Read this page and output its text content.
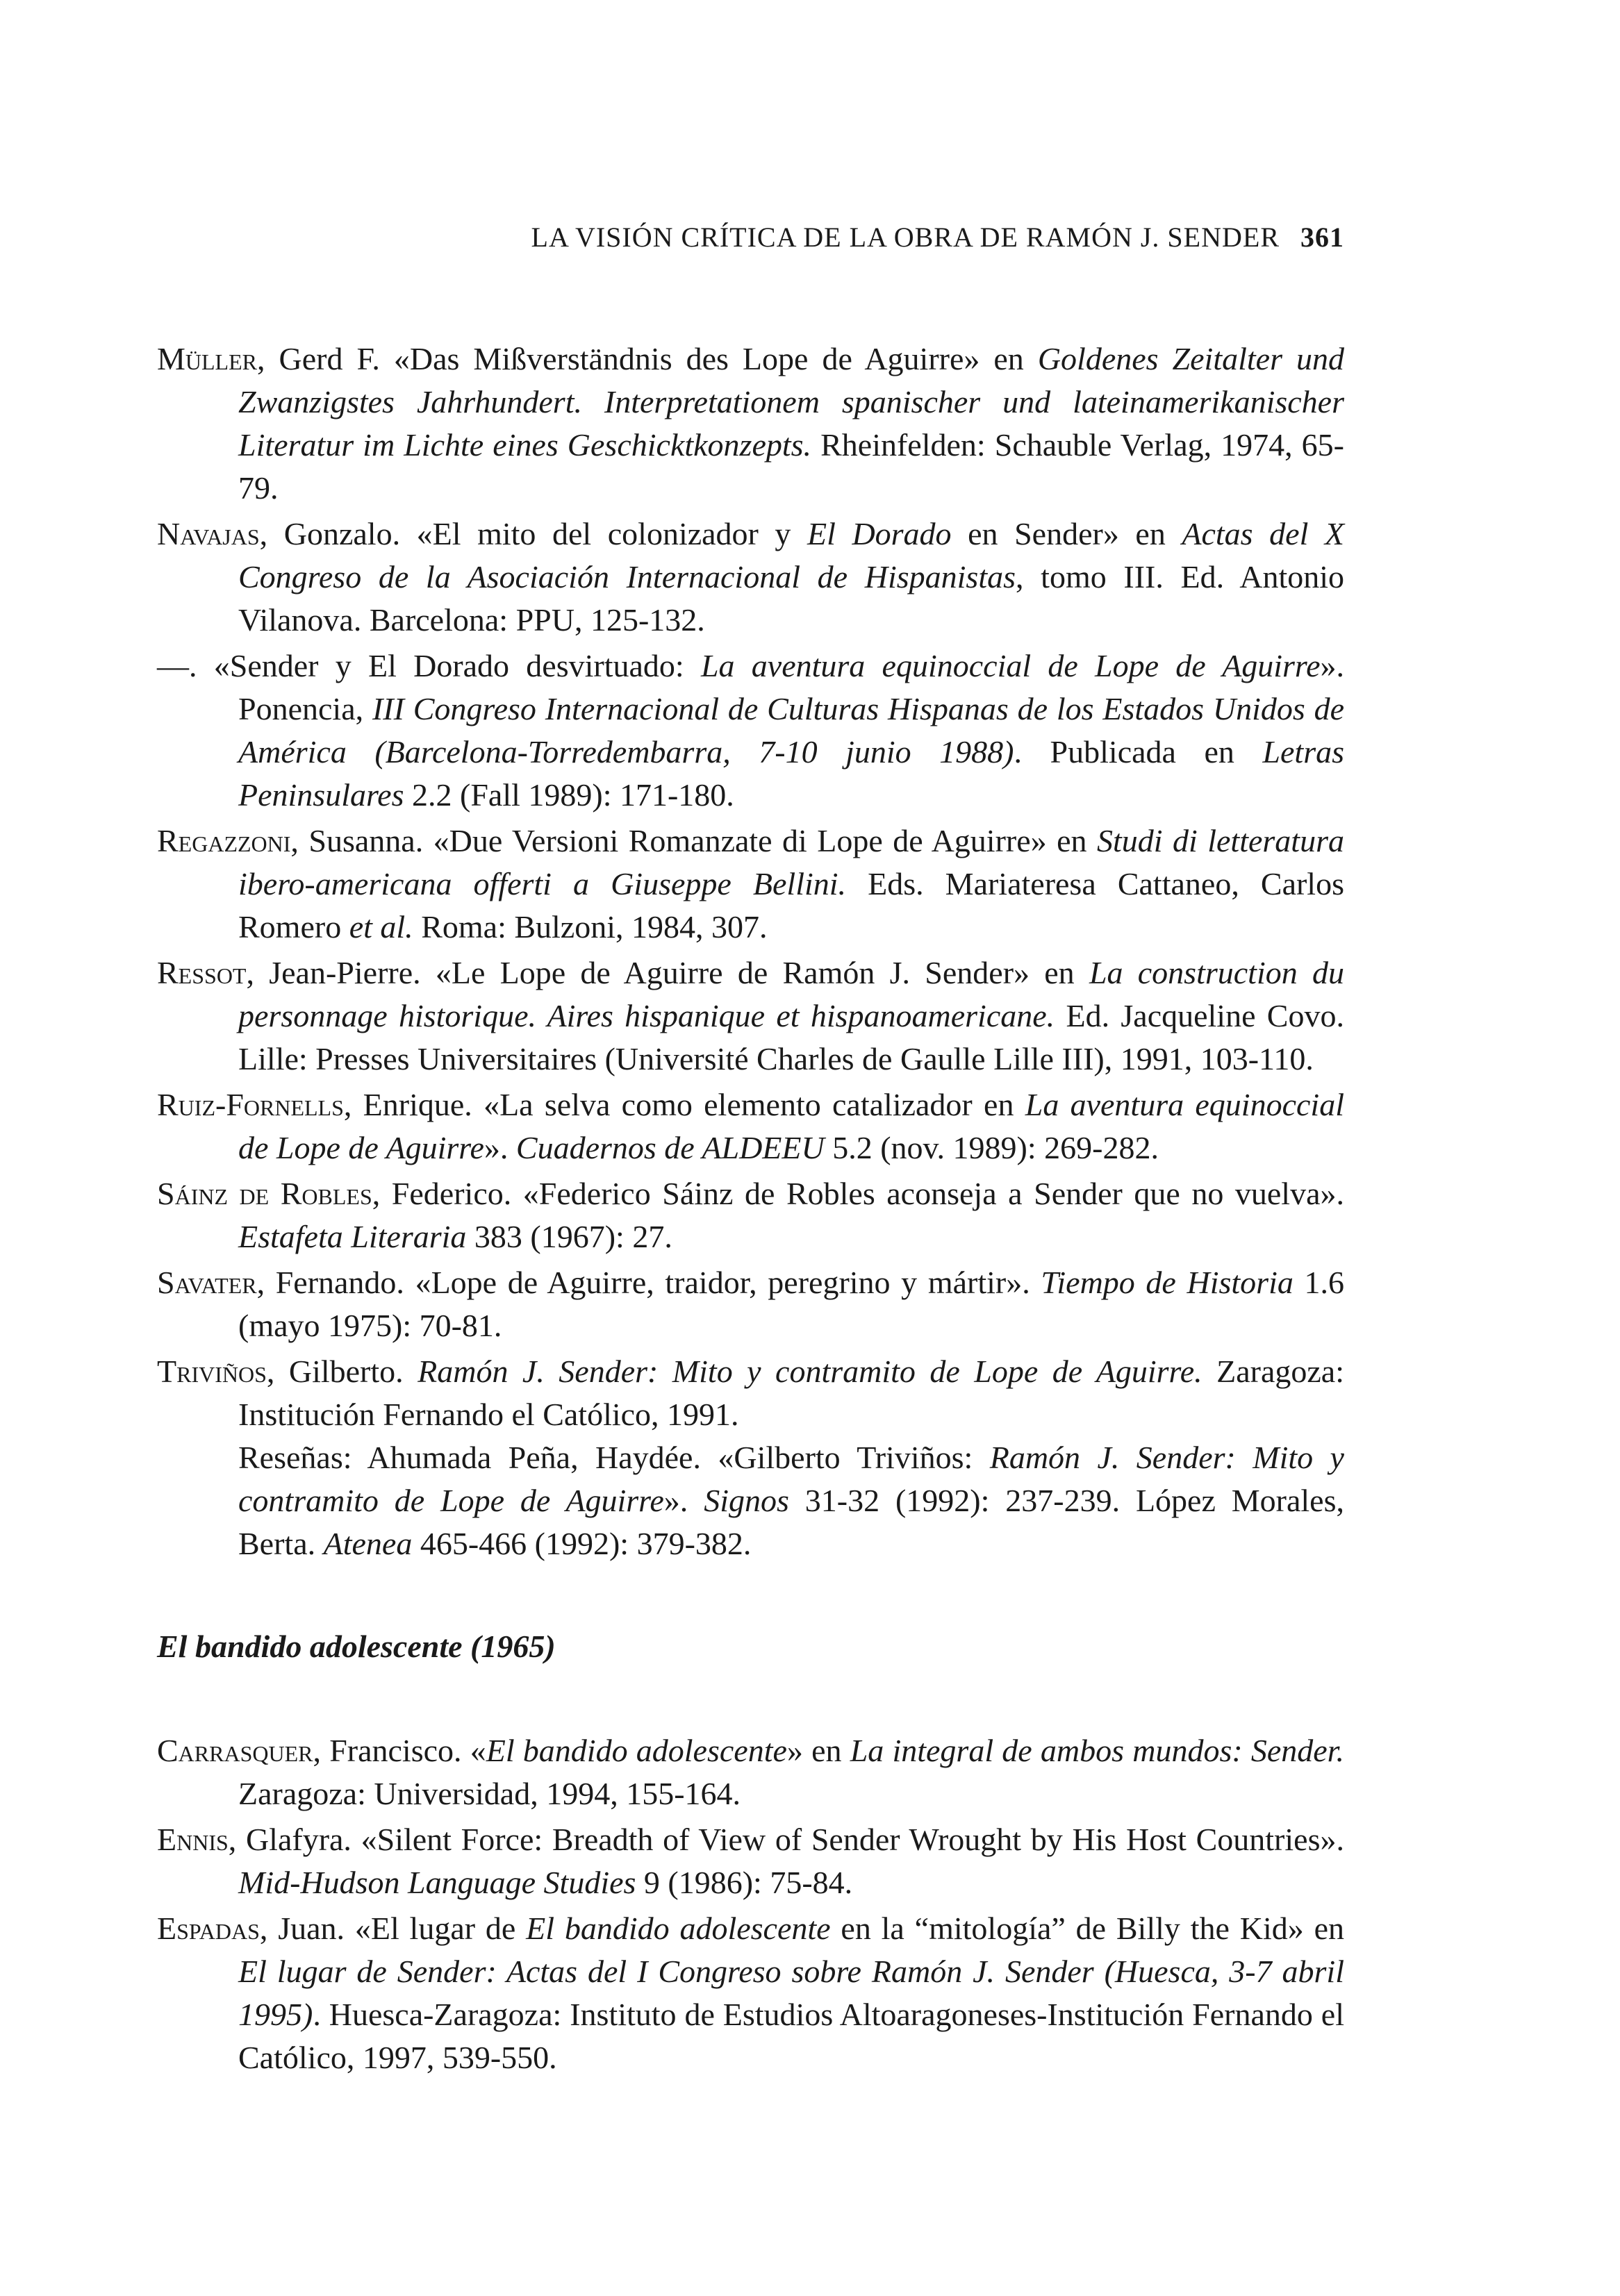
LA VISIÓN CRÍTICA DE LA OBRA DE RAMÓN J. SENDER 361

Müller, Gerd F. «Das Mißverständnis des Lope de Aguirre» en Goldenes Zeitalter und Zwanzigstes Jahrhundert. Interpretationem spanischer und lateinamerikanischer Literatur im Lichte eines Geschicktkonzepts. Rheinfelden: Schauble Verlag, 1974, 65-79.

Navajas, Gonzalo. «El mito del colonizador y El Dorado en Sender» en Actas del X Congreso de la Asociación Internacional de Hispanistas, tomo III. Ed. Antonio Vilanova. Barcelona: PPU, 125-132.

—. «Sender y El Dorado desvirtuado: La aventura equinoccial de Lope de Aguirre». Ponencia, III Congreso Internacional de Culturas Hispanas de los Estados Unidos de América (Barcelona-Torredembarra, 7-10 junio 1988). Publicada en Letras Peninsulares 2.2 (Fall 1989): 171-180.

Regazzoni, Susanna. «Due Versioni Romanzate di Lope de Aguirre» en Studi di letteratura ibero-americana offerti a Giuseppe Bellini. Eds. Mariateresa Cattaneo, Carlos Romero et al. Roma: Bulzoni, 1984, 307.

Ressot, Jean-Pierre. «Le Lope de Aguirre de Ramón J. Sender» en La construction du personnage historique. Aires hispanique et hispanoamericane. Ed. Jacqueline Covo. Lille: Presses Universitaires (Université Charles de Gaulle Lille III), 1991, 103-110.

Ruiz-Fornells, Enrique. «La selva como elemento catalizador en La aventura equinoccial de Lope de Aguirre». Cuadernos de ALDEEU 5.2 (nov. 1989): 269-282.

Sáinz de Robles, Federico. «Federico Sáinz de Robles aconseja a Sender que no vuelva». Estafeta Literaria 383 (1967): 27.

Savater, Fernando. «Lope de Aguirre, traidor, peregrino y mártir». Tiempo de Historia 1.6 (mayo 1975): 70-81.

Triviños, Gilberto. Ramón J. Sender: Mito y contramito de Lope de Aguirre. Zaragoza: Institución Fernando el Católico, 1991.

Reseñas: Ahumada Peña, Haydée. «Gilberto Triviños: Ramón J. Sender: Mito y contramito de Lope de Aguirre». Signos 31-32 (1992): 237-239. López Morales, Berta. Atenea 465-466 (1992): 379-382.

El bandido adolescente (1965)

Carrasquer, Francisco. «El bandido adolescente» en La integral de ambos mundos: Sender. Zaragoza: Universidad, 1994, 155-164.

Ennis, Glafyra. «Silent Force: Breadth of View of Sender Wrought by His Host Countries». Mid-Hudson Language Studies 9 (1986): 75-84.

Espadas, Juan. «El lugar de El bandido adolescente en la “mitología” de Billy the Kid» en El lugar de Sender: Actas del I Congreso sobre Ramón J. Sender (Huesca, 3-7 abril 1995). Huesca-Zaragoza: Instituto de Estudios Altoaragoneses-Institución Fernando el Católico, 1997, 539-550.
